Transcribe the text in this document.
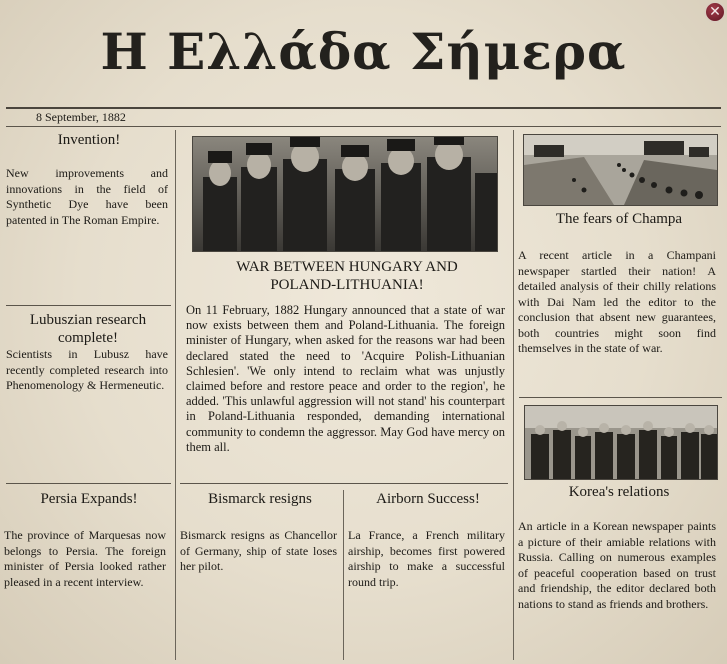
Η Ελλάδα Σήμερα
✕
8 September, 1882
Invention!
New improvements and innovations in the field of Synthetic Dye have been patented in The Roman Empire.
Lubuszian research complete!
Scientists in Lubusz have recently completed research into Phenomenology & Hermeneutic.
Persia Expands!
The province of Marquesas now belongs to Persia. The foreign minister of Persia looked rather pleased in a recent interview.
WAR BETWEEN HUNGARY AND POLAND-LITHUANIA!
On 11 February, 1882 Hungary announced that a state of war now exists between them and Poland-Lithuania. The foreign minister of Hungary, when asked for the reasons war had been declared stated the need to 'Acquire Polish-Lithuanian Schlesien'. 'We only intend to reclaim what was unjustly claimed before and restore peace and order to the region', he added. 'This unlawful aggression will not stand' his counterpart in Poland-Lithuania responded, demanding international community to condemn the aggressor. May God have mercy on them all.
Bismarck resigns
Bismarck resigns as Chancellor of Germany, ship of state loses her pilot.
Airborn Success!
La France, a French military airship, becomes first powered airship to make a successful round trip.
The fears of Champa
A recent article in a Champani newspaper startled their nation! A detailed analysis of their chilly relations with Dai Nam led the editor to the conclusion that absent new guarantees, both countries might soon find themselves in the state of war.
Korea's relations
An article in a Korean newspaper paints a picture of their amiable relations with Russia. Calling on numerous examples of peaceful cooperation based on trust and friendship, the editor declared both nations to stand as friends and brothers.
